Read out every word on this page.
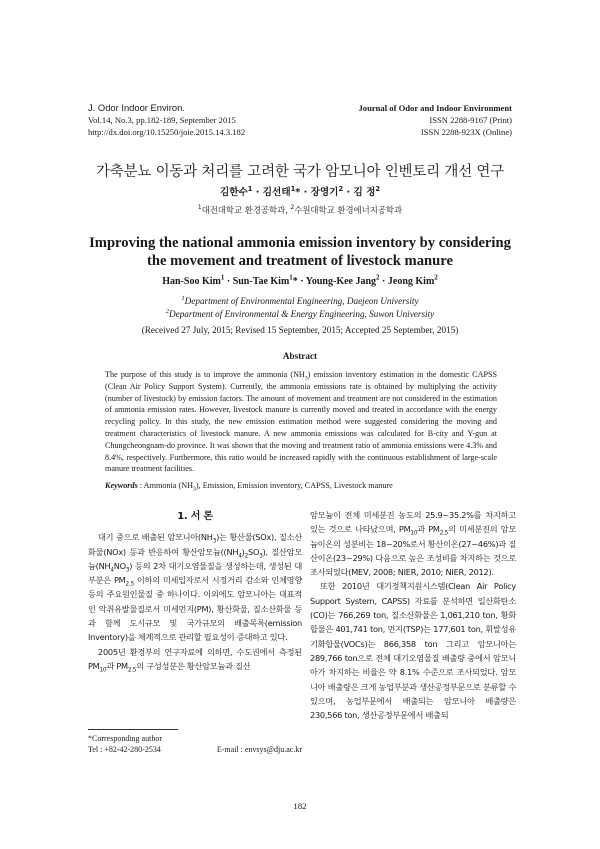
J. Odor Indoor Environ.
Vol.14, No.3, pp.182-189, September 2015
http://dx.doi.org/10.15250/joie.2015.14.3.182
Journal of Odor and Indoor Environment
ISSN 2288-9167 (Print)
ISSN 2288-923X (Online)
가축분뇨 이동과 처리를 고려한 국가 암모니아 인벤토리 개선 연구
김한수$^1$ · 김선태$^1$* · 장영기$^2$ · 김 정$^2$
$^1$대전대학교 환경공학과, $^2$수원대학교 환경에너지공학과
Improving the national ammonia emission inventory by considering
the movement and treatment of livestock manure
Han-Soo Kim$^1$ · Sun-Tae Kim$^1$* · Young-Kee Jang$^2$ · Jeong Kim$^2$
$^1$Department of Environmental Engineering, Daejeon University
$^2$Department of Environmental & Energy Engineering, Suwon University
(Received 27 July, 2015; Revised 15 September, 2015; Accepted 25 September, 2015)
Abstract

The purpose of this study is to improve the ammonia $(NH_3)$ emission inventory estimation in the domestic CAPSS (Clean Air Policy Support System). Currently, the ammonia emissions rate is obtained by multiplying the activity (number of livestock) by emission factors. The amount of movement and treatment are not considered in the estimation of ammonia emission rates. However, livestock manure is currently moved and treated in accordance with the energy recycling policy. In this study, the new emission estimation method were suggested considering the moving and treatment characteristics of livestock manure. A new ammonia emissions was calculated for B-city and Y-gun at Chungcheongnam-do province. It was shown that the moving and treatment ratio of ammonia emissions were 4.3% and 8.4%, respectively. Furthermore, this ratio would be increased rapidly with the continuous establishment of large-scale manure treatment facilities.

Keywords : Ammonia $(NH_3)$, Emission, Emission inventory, CAPSS, Livestock manure

1. 서 론

대기 중으로 배출된 암모니아$(NH_3)$는 황산물(SOx), 질소산화물(NOx) 등과 반응하여 황산암모늄$((NH_4)_2SO_3)$, 질산암모늄$(NH_4NO_3)$ 등의 2차 대기오염물질을 생성하는데, 생성된 대부분은 $PM_{2.5}$ 이하의 미세입자로서 시정거리 감소와 인체영향 등의 주요원인물질 중 하나이다. 이외에도 암모니아는 대표적인 악취유발물질로서 미세먼지(PM), 황산화물, 질소산화물 등과 함께 도시규모 및 국가규모의 배출목록(emission Inventory)을 체계적으로 관리할 필요성이 증대하고 있다.

2005년 환경부의 연구자료에 의하면, 수도권에서 측정된 $PM_{10}$과 $PM_{2.5}$의 구성성분은 황산암모늄과 질산

암모늄이 전체 미세분진 농도의 25.9~35.2%를 차지하고 있는 것으로 나타났으며, $PM_{10}$과 $PM_{2.5}$의 미세분진의 암모늄이온의 성분비는 18~20%로서 황산이온(27~46%)과 질산이온(23~29%) 다음으로 높은 조성비를 차지하는 것으로 조사되었다(MEV, 2008; NIER, 2010; NIER, 2012).

또한 2010년 대기정책지원시스템(Clean Air Policy Support System, CAPSS) 자료를 분석하면 일산화탄소(CO)는 766,269 ton, 질소산화물은 1,061,210 ton, 황화합물은 401,741 ton, 먼지(TSP)는 177,601 ton, 휘발성유기화합물(VOCs)는 866,358 ton 그리고 암모니아는 289,766 ton으로 전체 대기오염물질 배출량 중에서 암모니아가 차지하는 비율은 약 8.1% 수준으로 조사되었다. 암모니아 배출량은 크게 농업부분과 생산공정부문으로 분류할 수 있으며, 농업부문에서 배출되는 암모니아 배출량은 230,566 ton, 생산공정부문에서 배출되

*Corresponding author
Tel : +82-42-280-2534	E-mail : envsys@dju.ac.kr
182
